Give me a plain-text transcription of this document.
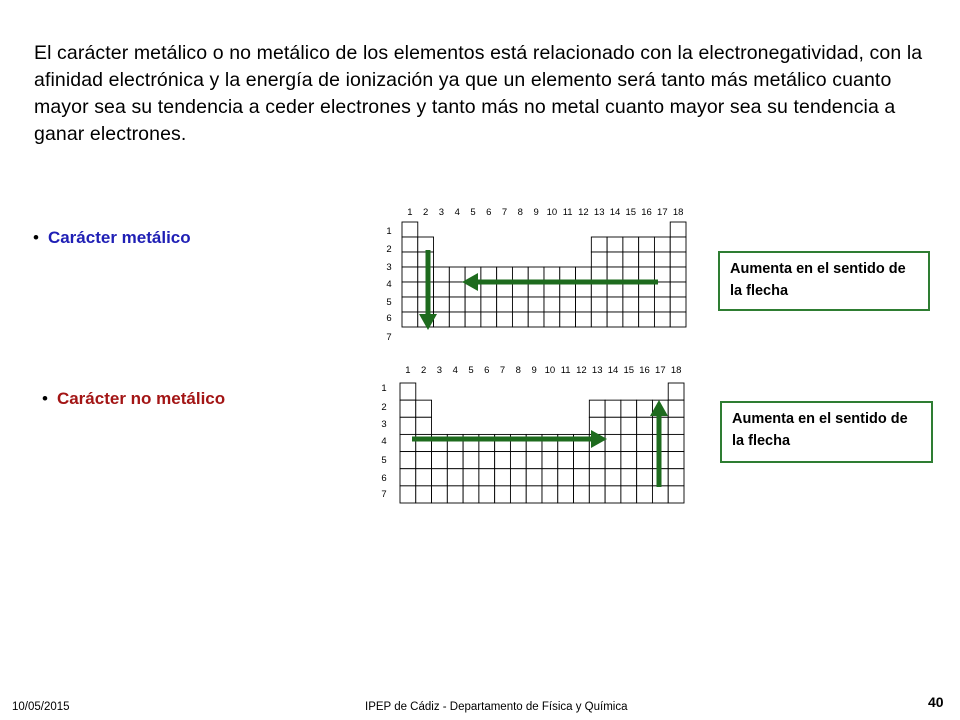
El carácter metálico o no metálico de los elementos está relacionado con la electronegatividad, con la afinidad electrónica y la energía de ionización ya que un elemento será tanto más metálico cuanto mayor sea su tendencia a ceder electrones y tanto más no metal cuanto mayor sea su tendencia a ganar electrones.

• Carácter metálico
• Carácter no metálico
1 2 3 4 5 6 7 8 9 10 11 12 13 14 15 16 17 18
1
2
3
4
5
6
7
1 2 3 4 5 6 7 8 9 10 11 12 13 14 15 16 17 18
1
2
3
4
5
6
7
Aumenta en el sentido de la flecha
Aumenta en el sentido de la flecha
10/05/2015	IPEP de Cádiz - Departamento de Física y Química	40
